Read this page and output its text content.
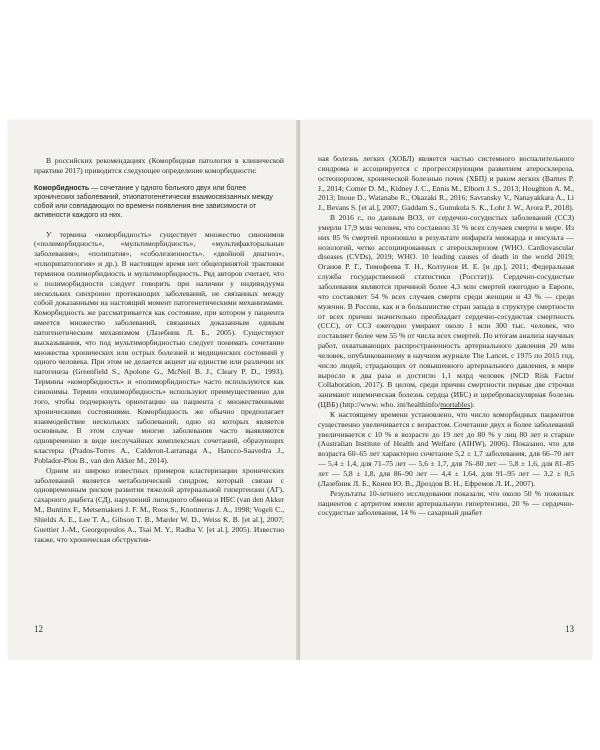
В российских рекомендациях (Коморбидная патология в клинической практике 2017) приводится следующее определение коморбидности:

Коморбидность — сочетание у одного больного двух или более хронических заболеваний, этиопатогенетически взаимосвязанных между собой или совпадающих по времени появления вне зависимости от активности каждого из них.

У термина «коморбидность» существует множество синонимов («полиморбидность», «мультиморбидность», «мультифакторальные заболевания», «полипатия», «соболезненность», «двойной диагноз», «плюрипатология» и др.). В настоящее время нет общепринятой трактовки терминов полиморбидность и мультиморбидность. Ряд авторов считает, что о полиморбидности следует говорить при наличии у индивидуума нескольких синхронно протекающих заболеваний, не связанных между собой доказанными на настоящий момент патогенетическими механизмами. Коморбидность же рассматривается как состояние, при котором у пациента имеется множество заболеваний, связанных доказанным единым патогенетическим механизмом (Лазебник Л. Б., 2005). Существуют высказывания, что под мультиморбидностью следует понимать сочетание множества хронических или острых болезней и медицинских состояний у одного человека. При этом не делается акцент на единстве или различии их патогенеза (Greenfield S., Apolone G., McNeil B. J., Cleary P. D., 1993). Термины «коморбидность» и «полиморбидность» часто используются как синонимы. Термин «полиморбидность» используют преимущественно для того, чтобы подчеркнуть ориентацию на пациента с множественными хроническими состояниями. Коморбидность же обычно предполагает взаимодействие нескольких заболеваний, одно из которых является основным. В этом случае многие заболевания часто выявляются одновременно в виде неслучайных комплексных сочетаний, образующих кластеры (Prados-Torres A., Calderon-Larranaga A., Hancco-Saavedra J., Poblador-Plou B., van den Akker M., 2014).

Одним из широко известных примеров кластеризации хронических заболеваний является метаболический синдром, который связан с одновременным риском развития тяжелой артериальной гипертензии (АГ), сахарного диабета (СД), нарушений липидного обмена и ИБС (van den Akker M., Buntinx F., Metsemakers J. F. M., Roos S., Knottnerus J. A., 1998; Vogeli C., Shields A. E., Lee T. A., Gibson T. B., Marder W. D., Weiss K. B. [et al.], 2007; Guettier J.-M., Georgopoulos A., Tsai M. Y., Radha V. [et al.], 2005). Известно также, что хроническая обструктив-

12

ная болезнь легких (ХОБЛ) является частью системного воспалительного синдрома и ассоциируется с прогрессирующим развитием атеросклероза, остеопорозом, хронической болезнью почек (ХБП) и раком легких (Barnes P. J., 2014; Comer D. M., Kidney J. C., Ennis M., Elborn J. S., 2013; Houghton A. M., 2013; Inoue D., Watanabe R., Okazaki R., 2016; Savransky V., Nanayakkara A., Li J., Bevans S. [et al.], 2007; Gaddam S., Gunukula S. K., Lohr J. W., Arora P., 2018).

В 2016 г., по данным ВОЗ, от сердечно-сосудистых заболеваний (ССЗ) умерли 17,9 млн человек, что составило 31 % всех случаев смерти в мире. Из них 85 % смертей произошло в результате инфаркта миокарда и инсульта — нозологий, четко ассоциированных с атеросклерозом (WHO. Cardiovascular diseases (CVDs), 2019; WHO. 10 leading causes of death in the world 2019; Оганов Р. Г., Тимофеева Т. Н., Колтунов И. Е. [и др.], 2011; Федеральная служба государственной статистики (Росстат)). Сердечно-сосудистые заболевания являются причиной более 4,3 млн смертей ежегодно в Европе, что составляет 54 % всех случаев смерти среди женщин и 43 % — среди мужчин. В России, как и в большинстве стран запада в структуре смертности от всех причин значительно преобладает сердечно-сосудистая смертность (ССС), от ССЗ ежегодно умирают около 1 млн 300 тыс. человек, что составляет более чем 55 % от числа всех смертей. По итогам анализа научных работ, охватывающих распространенность артериального давления 20 млн человек, опубликованному в научном журнале The Lancet, с 1975 по 2015 год, число людей, страдающих от повышенного артериального давления, в мире выросло в два раза и достигло 1,1 млрд человек (NCD Risk Factor Collaboration, 2017). В целом, среди причин смертности первые две строчки занимают ишемическая болезнь сердца (ИБС) и цереброваскулярная болезнь (ЦВБ) (http://www. who. int/healthinfo/mortables).

К настоящему времени установлено, что число коморбидных пациентов существенно увеличивается с возрастом. Сочетание двух и более заболеваний увеличивается с 10 % в возрасте до 19 лет до 80 % у лиц 80 лет и старше (Australian Institute of Health and Welfare (AIHW), 2006). Показано, что для возраста 60–65 лет характерно сочетание 5,2 ± 1,7 заболевания, для 66–70 лет — 5,4 ± 1,4, для 71–75 лет — 5,6 ± 1,7, для 76–80 лет — 5,8 ± 1,6, для 81–85 лет — 5,8 ± 1,8, для 86–90 лет — 4,4 ± 1,64, для 91–95 лет — 3,2 ± 0,5 (Лазебник Л. Б., Конев Ю. В., Дроздов В. Н., Ефремов Л. И., 2007).

Результаты 10-летнего исследования показали, что около 50 % пожилых пациентов с артритом имели артериальную гипертензию, 20 % — сердечно-сосудистые заболевания, 14 % — сахарный диабет

13
